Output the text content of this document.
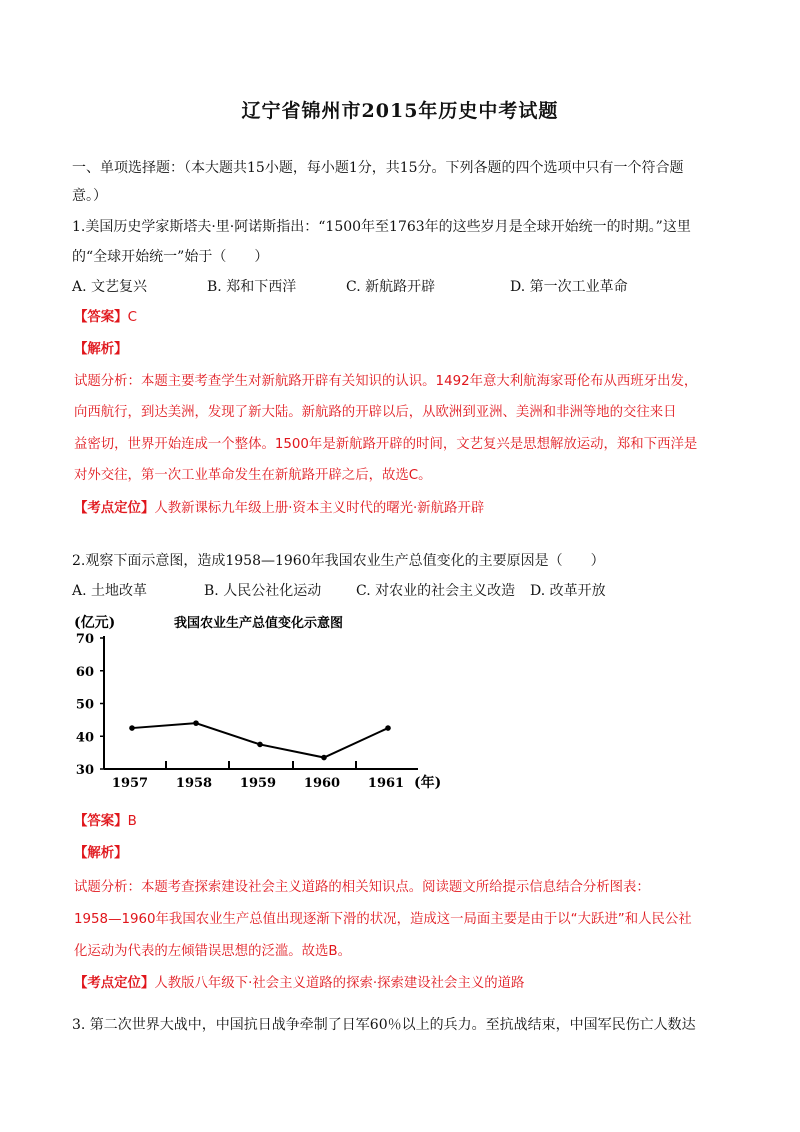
辽宁省锦州市2015年历史中考试题
一、单项选择题：（本大题共15小题，每小题1分，共15分。下列各题的四个选项中只有一个符合题
意。）
1.美国历史学家斯塔夫·里·阿诺斯指出：“1500年至1763年的这些岁月是全球开始统一的时期。”这里
的“全球开始统一”始于（　　）
A. 文艺复兴	B. 郑和下西洋	C. 新航路开辟	D. 第一次工业革命
【答案】C
【解析】
试题分析：本题主要考查学生对新航路开辟有关知识的认识。1492年意大利航海家哥伦布从西班牙出发，
向西航行，到达美洲，发现了新大陆。新航路的开辟以后，从欧洲到亚洲、美洲和非洲等地的交往来日
益密切，世界开始连成一个整体。1500年是新航路开辟的时间，文艺复兴是思想解放运动，郑和下西洋是
对外交往，第一次工业革命发生在新航路开辟之后，故选C。
【考点定位】人教新课标九年级上册·资本主义时代的曙光·新航路开辟
2.观察下面示意图，造成1958—1960年我国农业生产总值变化的主要原因是（　　）
A. 土地改革	B. 人民公社化运动 C. 对农业的社会主义改造 D. 改革开放
(亿元)	我国农业生产总值变化示意图
70
60
50
40
30
1957 1958 1959 1960 1961 (年)
【答案】B
【解析】
试题分析：本题考查探索建设社会主义道路的相关知识点。阅读题文所给提示信息结合分析图表：
1958—1960年我国农业生产总值出现逐渐下滑的状况，造成这一局面主要是由于以“大跃进”和人民公社
化运动为代表的左倾错误思想的泛滥。故选B。
【考点定位】人教版八年级下·社会主义道路的探索·探索建设社会主义的道路
3. 第二次世界大战中，中国抗日战争牵制了日军60％以上的兵力。至抗战结束，中国军民伤亡人数达
